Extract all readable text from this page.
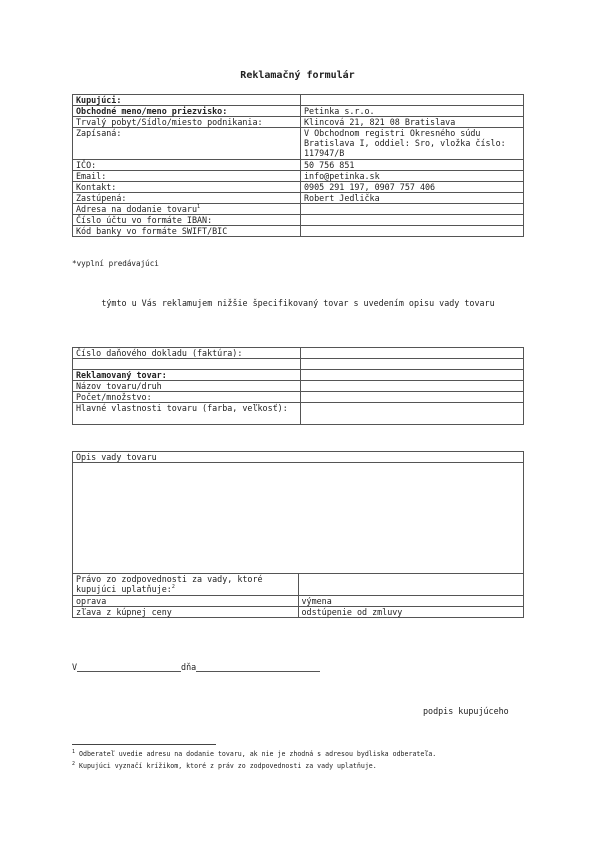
Reklamačný formulár
Kupujúci:	
Obchodné meno/meno priezvisko:	Petinka s.r.o.
Trvalý pobyt/Sídlo/miesto podnikania:	Klincová 21, 821 08 Bratislava
Zapísaná:	V Obchodnom registri Okresného súdu Bratislava I, oddiel: Sro, vložka číslo: 117947/B
IČO:	50 756 851
Email:	info@petinka.sk
Kontakt:	0905 291 197, 0907 757 406
Zastúpená:	Robert Jedlička
Adresa na dodanie tovaru$^1$	
Číslo účtu vo formáte IBAN:	
Kód banky vo formáte SWIFT/BIC	
*vyplní predávajúci
týmto u Vás reklamujem nižšie špecifikovaný tovar s uvedením opisu vady tovaru
Číslo daňového dokladu (faktúra):	

Reklamovaný tovar:	
Názov tovaru/druh	
Počet/množstvo:	
Hlavné vlastnosti tovaru (farba, veľkosť):	
Opis vady tovaru	

Právo zo zodpovednosti za vady, ktoré kupujúci uplatňuje:$^2$	
oprava	výmena
zľava z kúpnej ceny	odstúpenie od zmluvy
V	dňa
podpis kupujúceho
$^1$ Odberateľ uvedie adresu na dodanie tovaru, ak nie je zhodná s adresou bydliska odberateľa.
$^2$ Kupujúci vyznačí krížikom, ktoré z práv zo zodpovednosti za vady uplatňuje.
